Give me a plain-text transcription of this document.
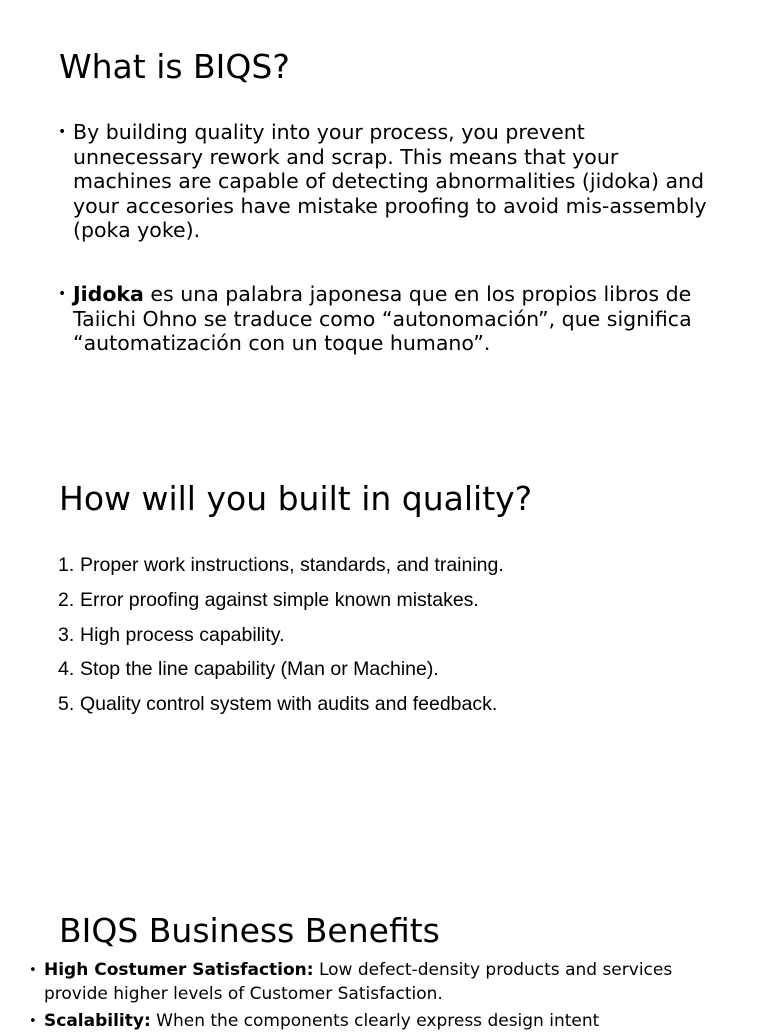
What is BIQS?
• By building quality into your process, you prevent unnecessary rework and scrap. This means that your machines are capable of detecting abnormalities (jidoka) and your accesories have mistake proofing to avoid mis-assembly (poka yoke).
• Jidoka es una palabra japonesa que en los propios libros de Taiichi Ohno se traduce como “autonomación”, que significa “automatización con un toque humano”.
How will you built in quality?
1. Proper work instructions, standards, and training.
2. Error proofing against simple known mistakes.
3. High process capability.
4. Stop the line capability (Man or Machine).
5. Quality control system with audits and feedback.
BIQS Business Benefits
• High Costumer Satisfaction: Low defect-density products and services provide higher levels of Customer Satisfaction.
• Scalability: When the components clearly express design intent
